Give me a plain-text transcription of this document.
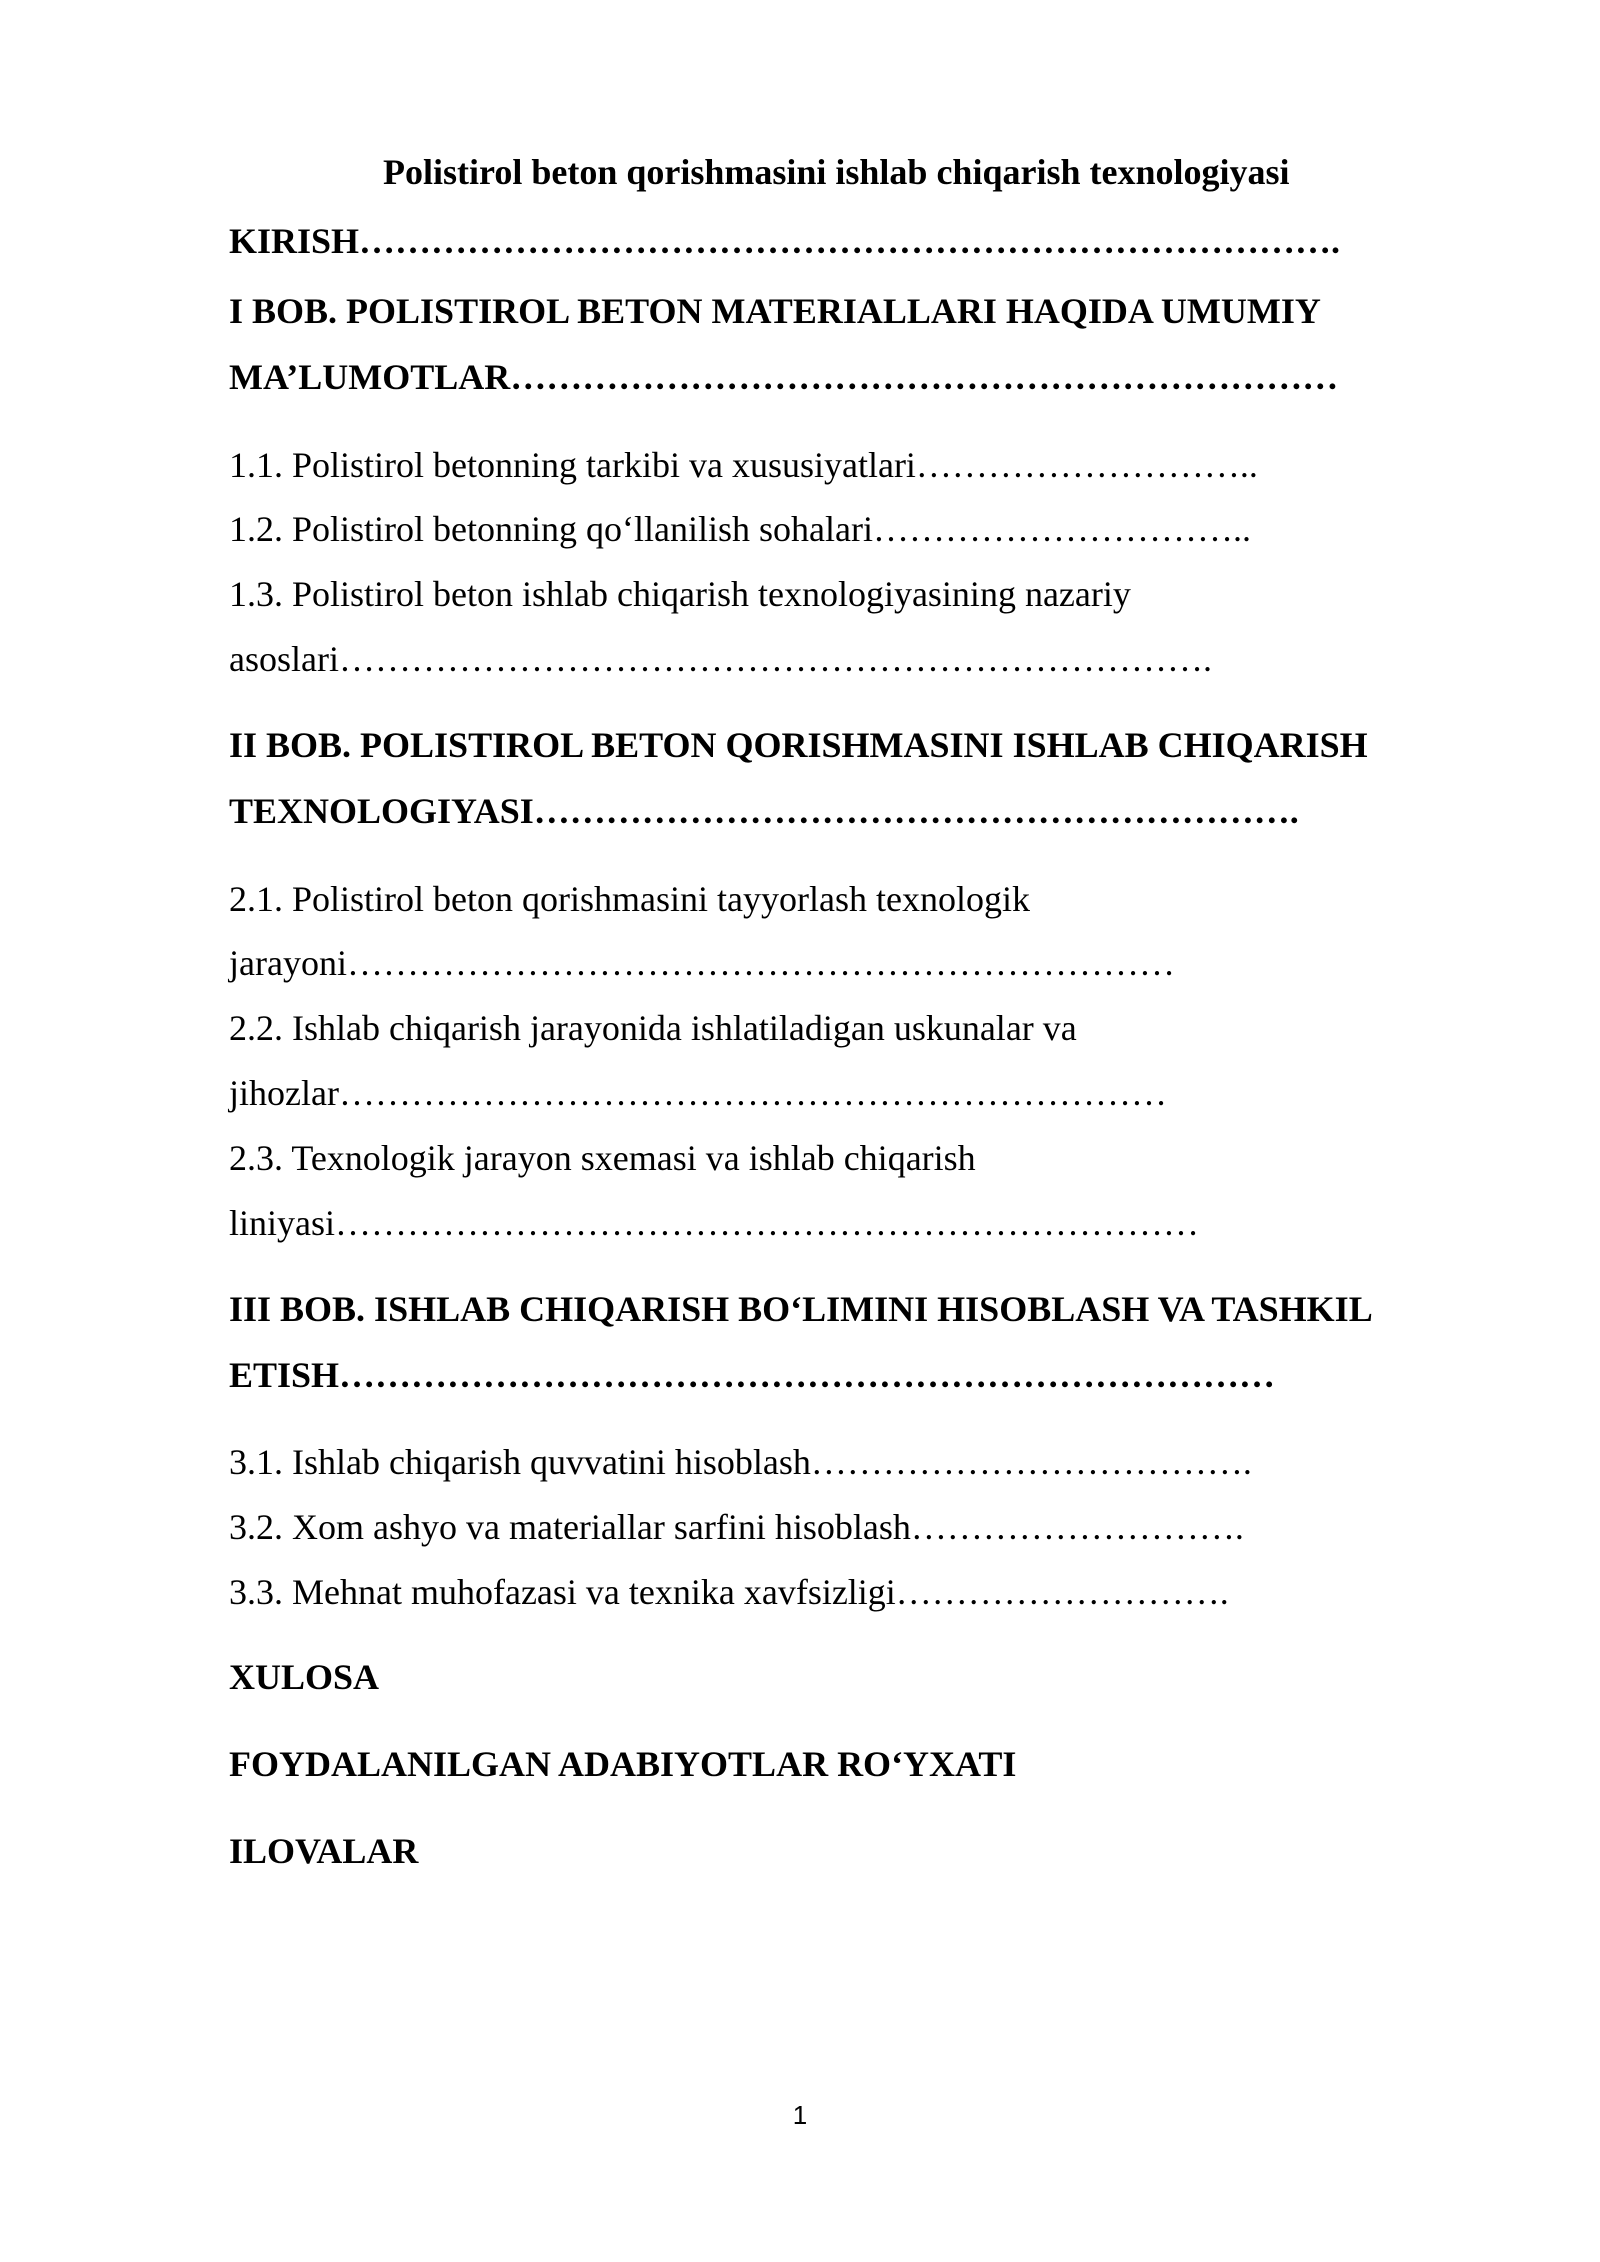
Polistirol beton qorishmasini ishlab chiqarish texnologiyasi
KIRISH……………………………………………………………………….
I BOB. POLISTIROL BETON MATERIALLARI HAQIDA UMUMIY
MA’LUMOTLAR……………………………………………………………
1.1. Polistirol betonning tarkibi va xususiyatlari………………………..
1.2. Polistirol betonning qo‘llanilish sohalari…………………………..
1.3. Polistirol beton ishlab chiqarish texnologiyasining nazariy
asoslari……………………………………………………………….
II BOB. POLISTIROL BETON QORISHMASINI ISHLAB CHIQARISH
TEXNOLOGIYASI……………………………………………………….
2.1. Polistirol beton qorishmasini tayyorlash texnologik
jarayoni……………………………………………………………
2.2. Ishlab chiqarish jarayonida ishlatiladigan uskunalar va
jihozlar……………………………………………………………
2.3. Texnologik jarayon sxemasi va ishlab chiqarish
liniyasi………………………………………………………………
III BOB. ISHLAB CHIQARISH BO‘LIMINI HISOBLASH VA TASHKIL
ETISH……………………………………………………………………
3.1. Ishlab chiqarish quvvatini hisoblash……………………………….
3.2. Xom ashyo va materiallar sarfini hisoblash……………………….
3.3. Mehnat muhofazasi va texnika xavfsizligi……………………….
XULOSA
FOYDALANILGAN ADABIYOTLAR RO‘YXATI
ILOVALAR
1
